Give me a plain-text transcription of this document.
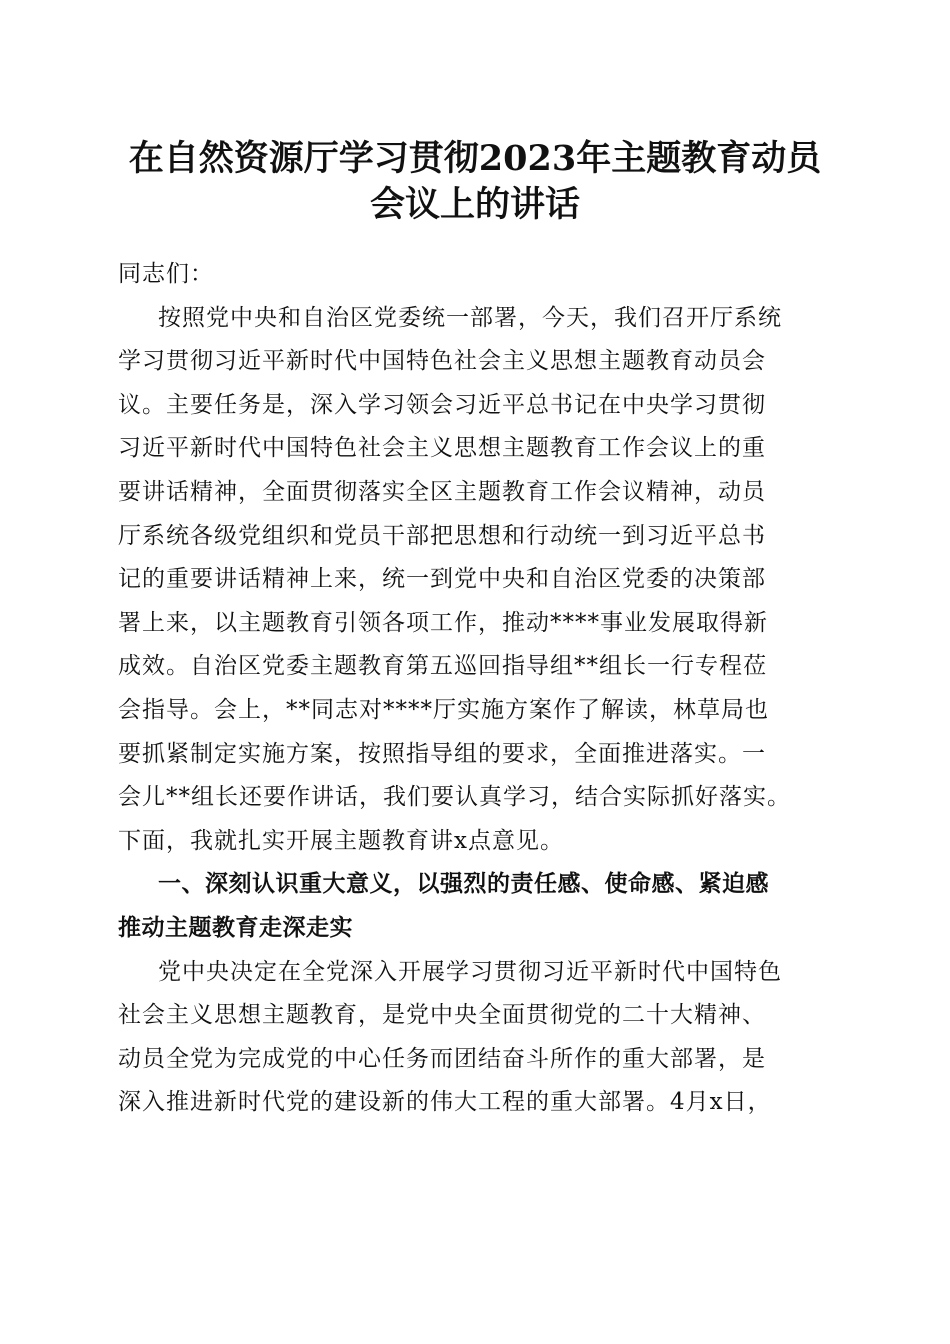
在自然资源厅学习贯彻2023年主题教育动员
会议上的讲话
同志们：
按照党中央和自治区党委统一部署，今天，我们召开厅系统
学习贯彻习近平新时代中国特色社会主义思想主题教育动员会
议。主要任务是，深入学习领会习近平总书记在中央学习贯彻
习近平新时代中国特色社会主义思想主题教育工作会议上的重
要讲话精神，全面贯彻落实全区主题教育工作会议精神，动员
厅系统各级党组织和党员干部把思想和行动统一到习近平总书
记的重要讲话精神上来，统一到党中央和自治区党委的决策部
署上来，以主题教育引领各项工作，推动****事业发展取得新
成效。自治区党委主题教育第五巡回指导组**组长一行专程莅
会指导。会上，**同志对****厅实施方案作了解读，林草局也
要抓紧制定实施方案，按照指导组的要求，全面推进落实。一
会儿**组长还要作讲话，我们要认真学习，结合实际抓好落实。
下面，我就扎实开展主题教育讲x点意见。
一、深刻认识重大意义，以强烈的责任感、使命感、紧迫感
推动主题教育走深走实
党中央决定在全党深入开展学习贯彻习近平新时代中国特色
社会主义思想主题教育，是党中央全面贯彻党的二十大精神、
动员全党为完成党的中心任务而团结奋斗所作的重大部署，是
深入推进新时代党的建设新的伟大工程的重大部署。4月x日，
